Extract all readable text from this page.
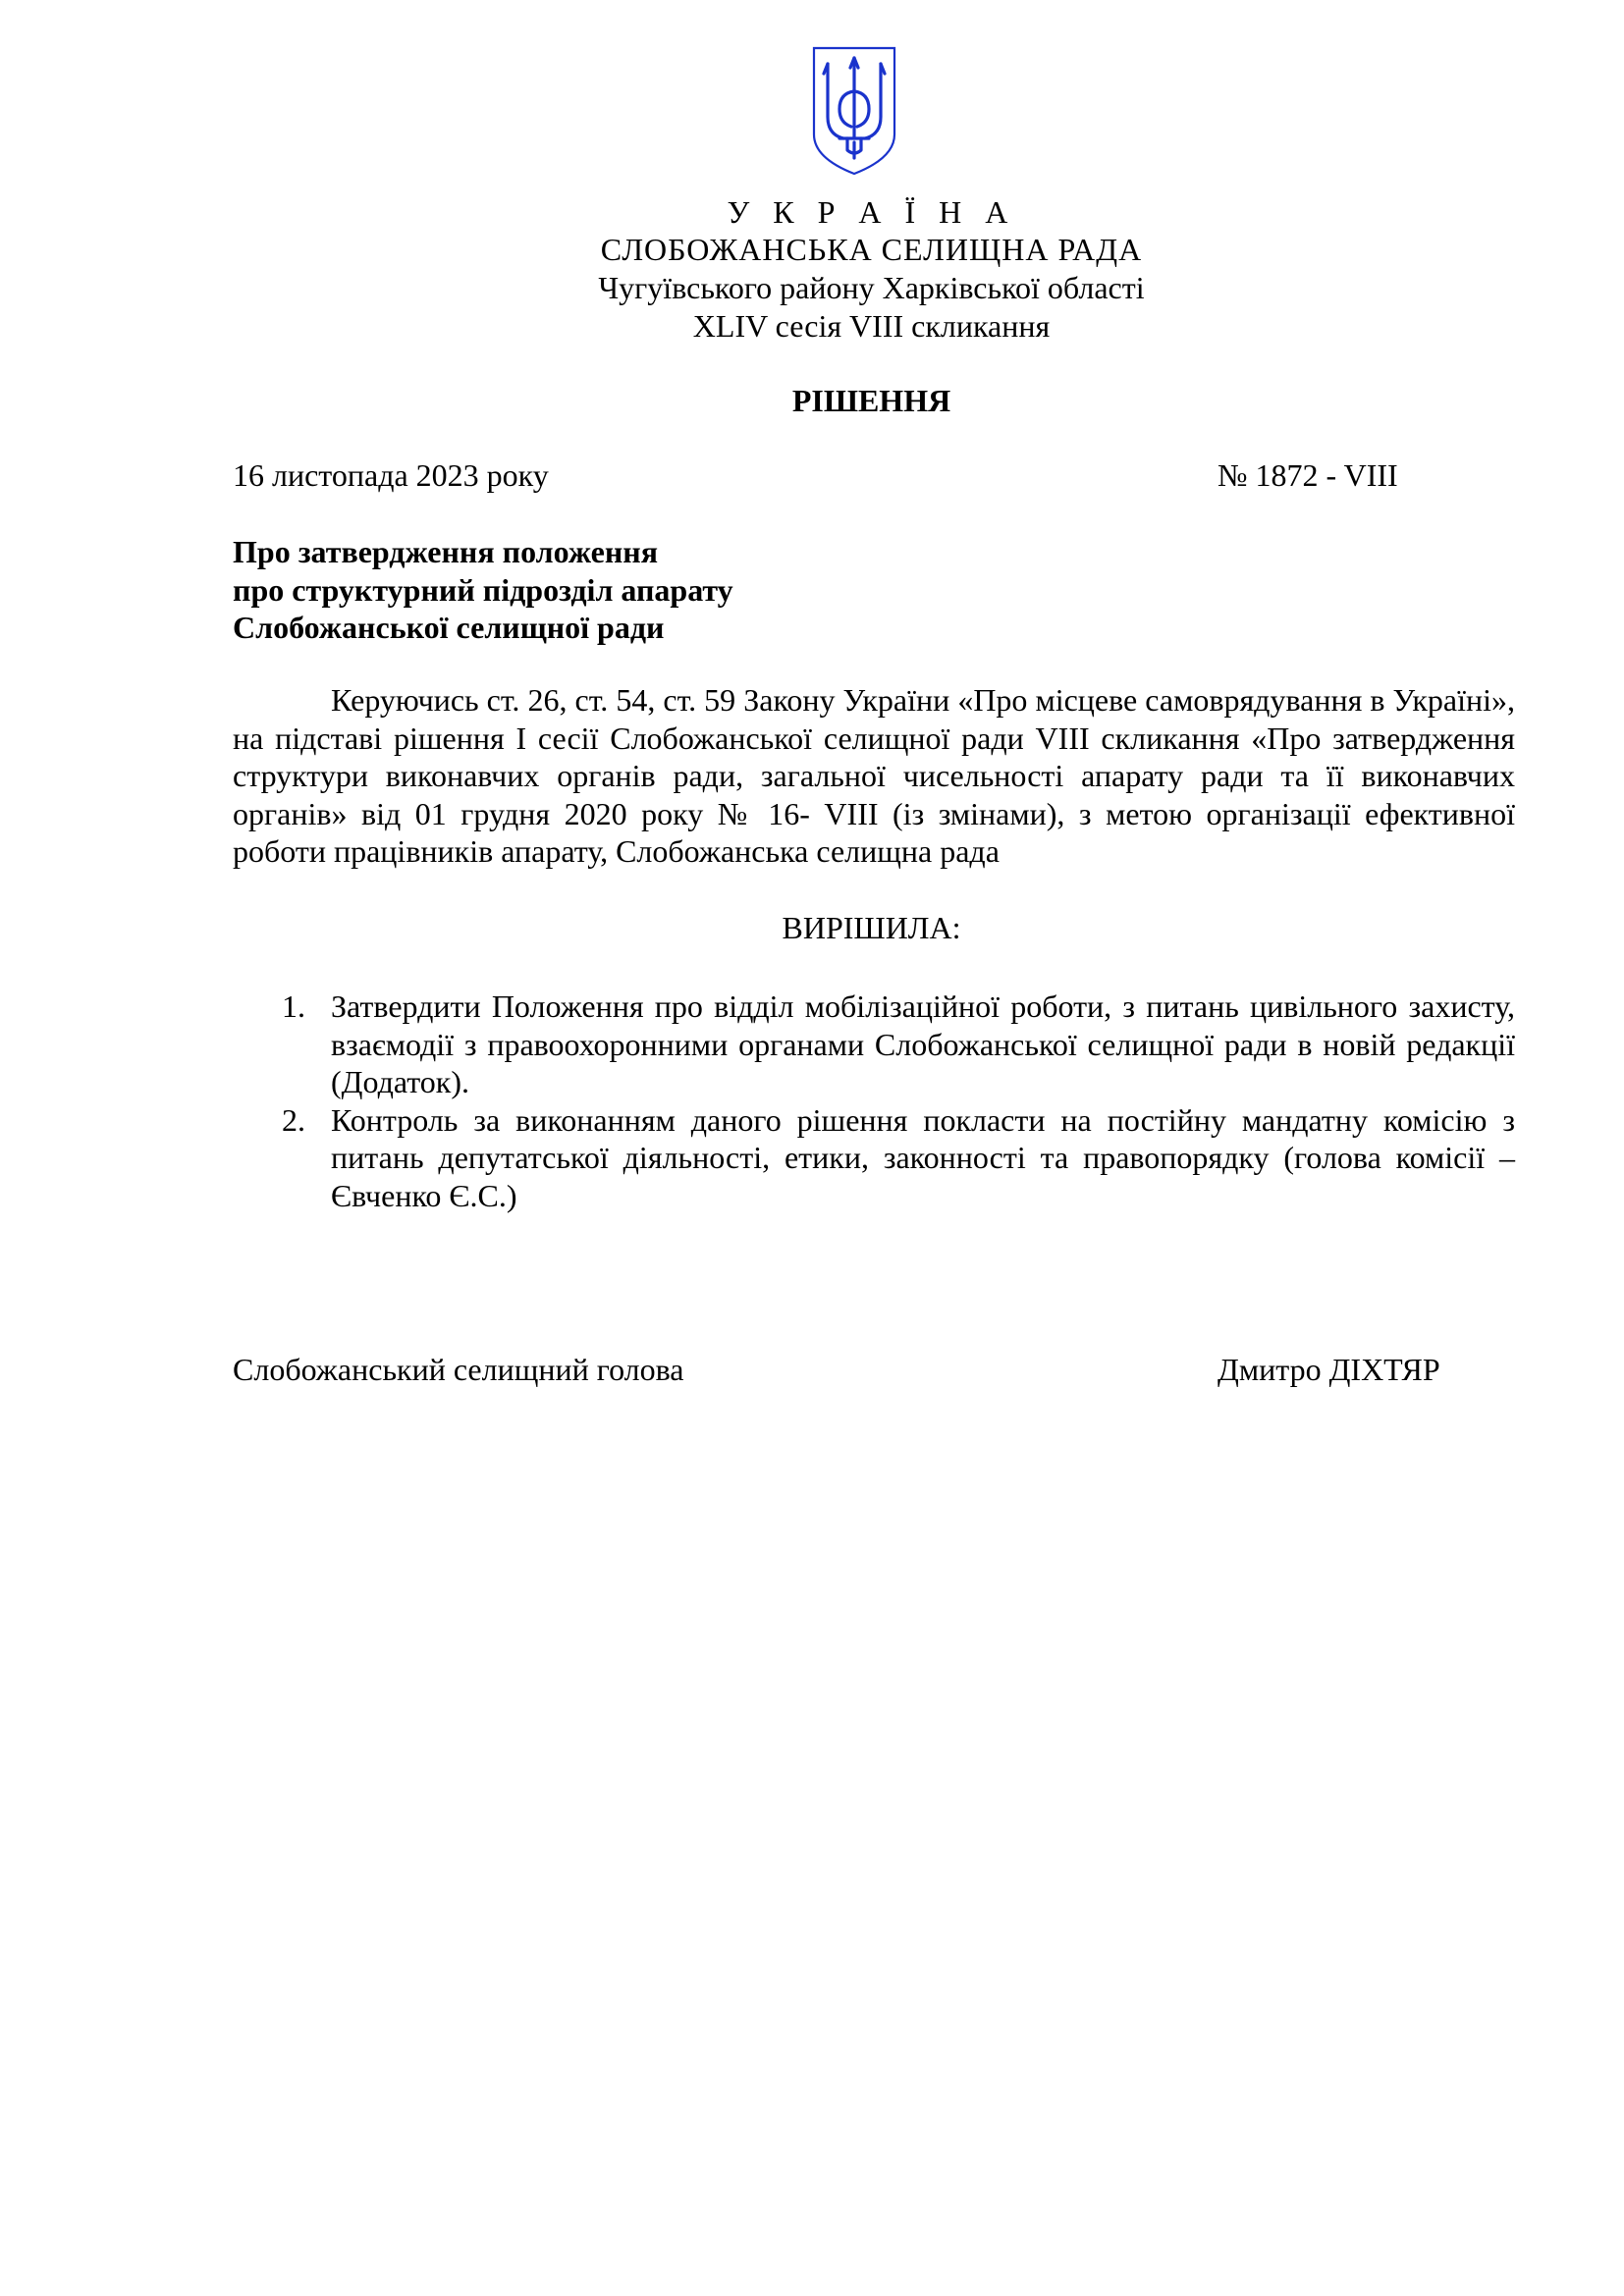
У К Р А Ї Н А
СЛОБОЖАНСЬКА СЕЛИЩНА РАДА
Чугуївського району Харківської області
XLIV сесія VIII скликання
РІШЕННЯ
16 листопада 2023 року	№ 1872 - VIII
Про затвердження положення
про структурний підрозділ апарату
Слобожанської селищної ради
Керуючись ст. 26, ст. 54, ст. 59 Закону України «Про місцеве самоврядування в Україні», на підставі рішення І сесії Слобожанської селищної ради VIII скликання «Про затвердження структури виконавчих органів ради, загальної чисельності апарату ради та її виконавчих органів» від 01 грудня 2020 року № 16- VIII (із змінами), з метою організації ефективної роботи працівників апарату, Слобожанська селищна рада
ВИРІШИЛА:
1. Затвердити Положення про відділ мобілізаційної роботи, з питань цивільного захисту, взаємодії з правоохоронними органами Слобожанської селищної ради в новій редакції (Додаток).
2. Контроль за виконанням даного рішення покласти на постійну мандатну комісію з питань депутатської діяльності, етики, законності та правопорядку (голова комісії – Євченко Є.С.)
Слобожанський селищний голова	Дмитро ДІХТЯР
